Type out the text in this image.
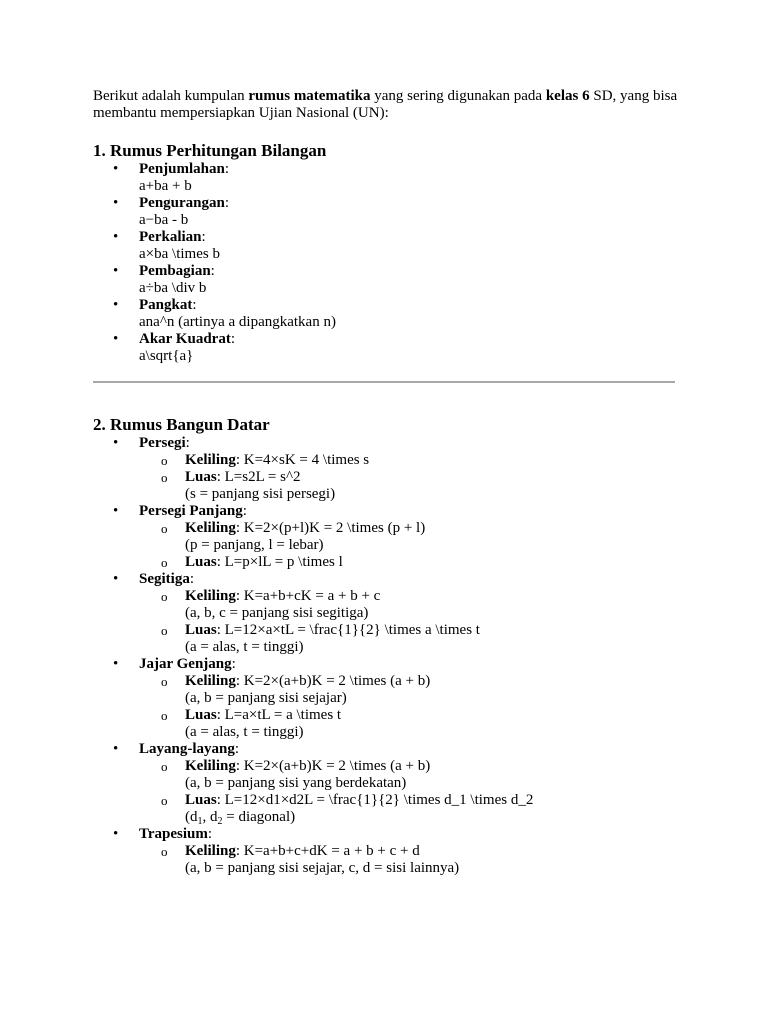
Berikut adalah kumpulan rumus matematika yang sering digunakan pada kelas 6 SD, yang bisa membantu mempersiapkan Ujian Nasional (UN):

1. Rumus Perhitungan Bilangan
• Penjumlahan:
a+ba + b
• Pengurangan:
a−ba - b
• Perkalian:
a×ba \times b
• Pembagian:
a÷ba \div b
• Pangkat:
ana^n (artinya a dipangkatkan n)
• Akar Kuadrat:
a\sqrt{a}
2. Rumus Bangun Datar
• Persegi:
o Keliling: K=4×sK = 4 \times s
o Luas: L=s2L = s^2
(s = panjang sisi persegi)
• Persegi Panjang:
o Keliling: K=2×(p+l)K = 2 \times (p + l)
(p = panjang, l = lebar)
o Luas: L=p×lL = p \times l
• Segitiga:
o Keliling: K=a+b+cK = a + b + c
(a, b, c = panjang sisi segitiga)
o Luas: L=12×a×tL = \frac{1}{2} \times a \times t
(a = alas, t = tinggi)
• Jajar Genjang:
o Keliling: K=2×(a+b)K = 2 \times (a + b)
(a, b = panjang sisi sejajar)
o Luas: L=a×tL = a \times t
(a = alas, t = tinggi)
• Layang-layang:
o Keliling: K=2×(a+b)K = 2 \times (a + b)
(a, b = panjang sisi yang berdekatan)
o Luas: L=12×d1×d2L = \frac{1}{2} \times d_1 \times d_2
($d_1$, $d_2$ = diagonal)
• Trapesium:
o Keliling: K=a+b+c+dK = a + b + c + d
(a, b = panjang sisi sejajar, c, d = sisi lainnya)
